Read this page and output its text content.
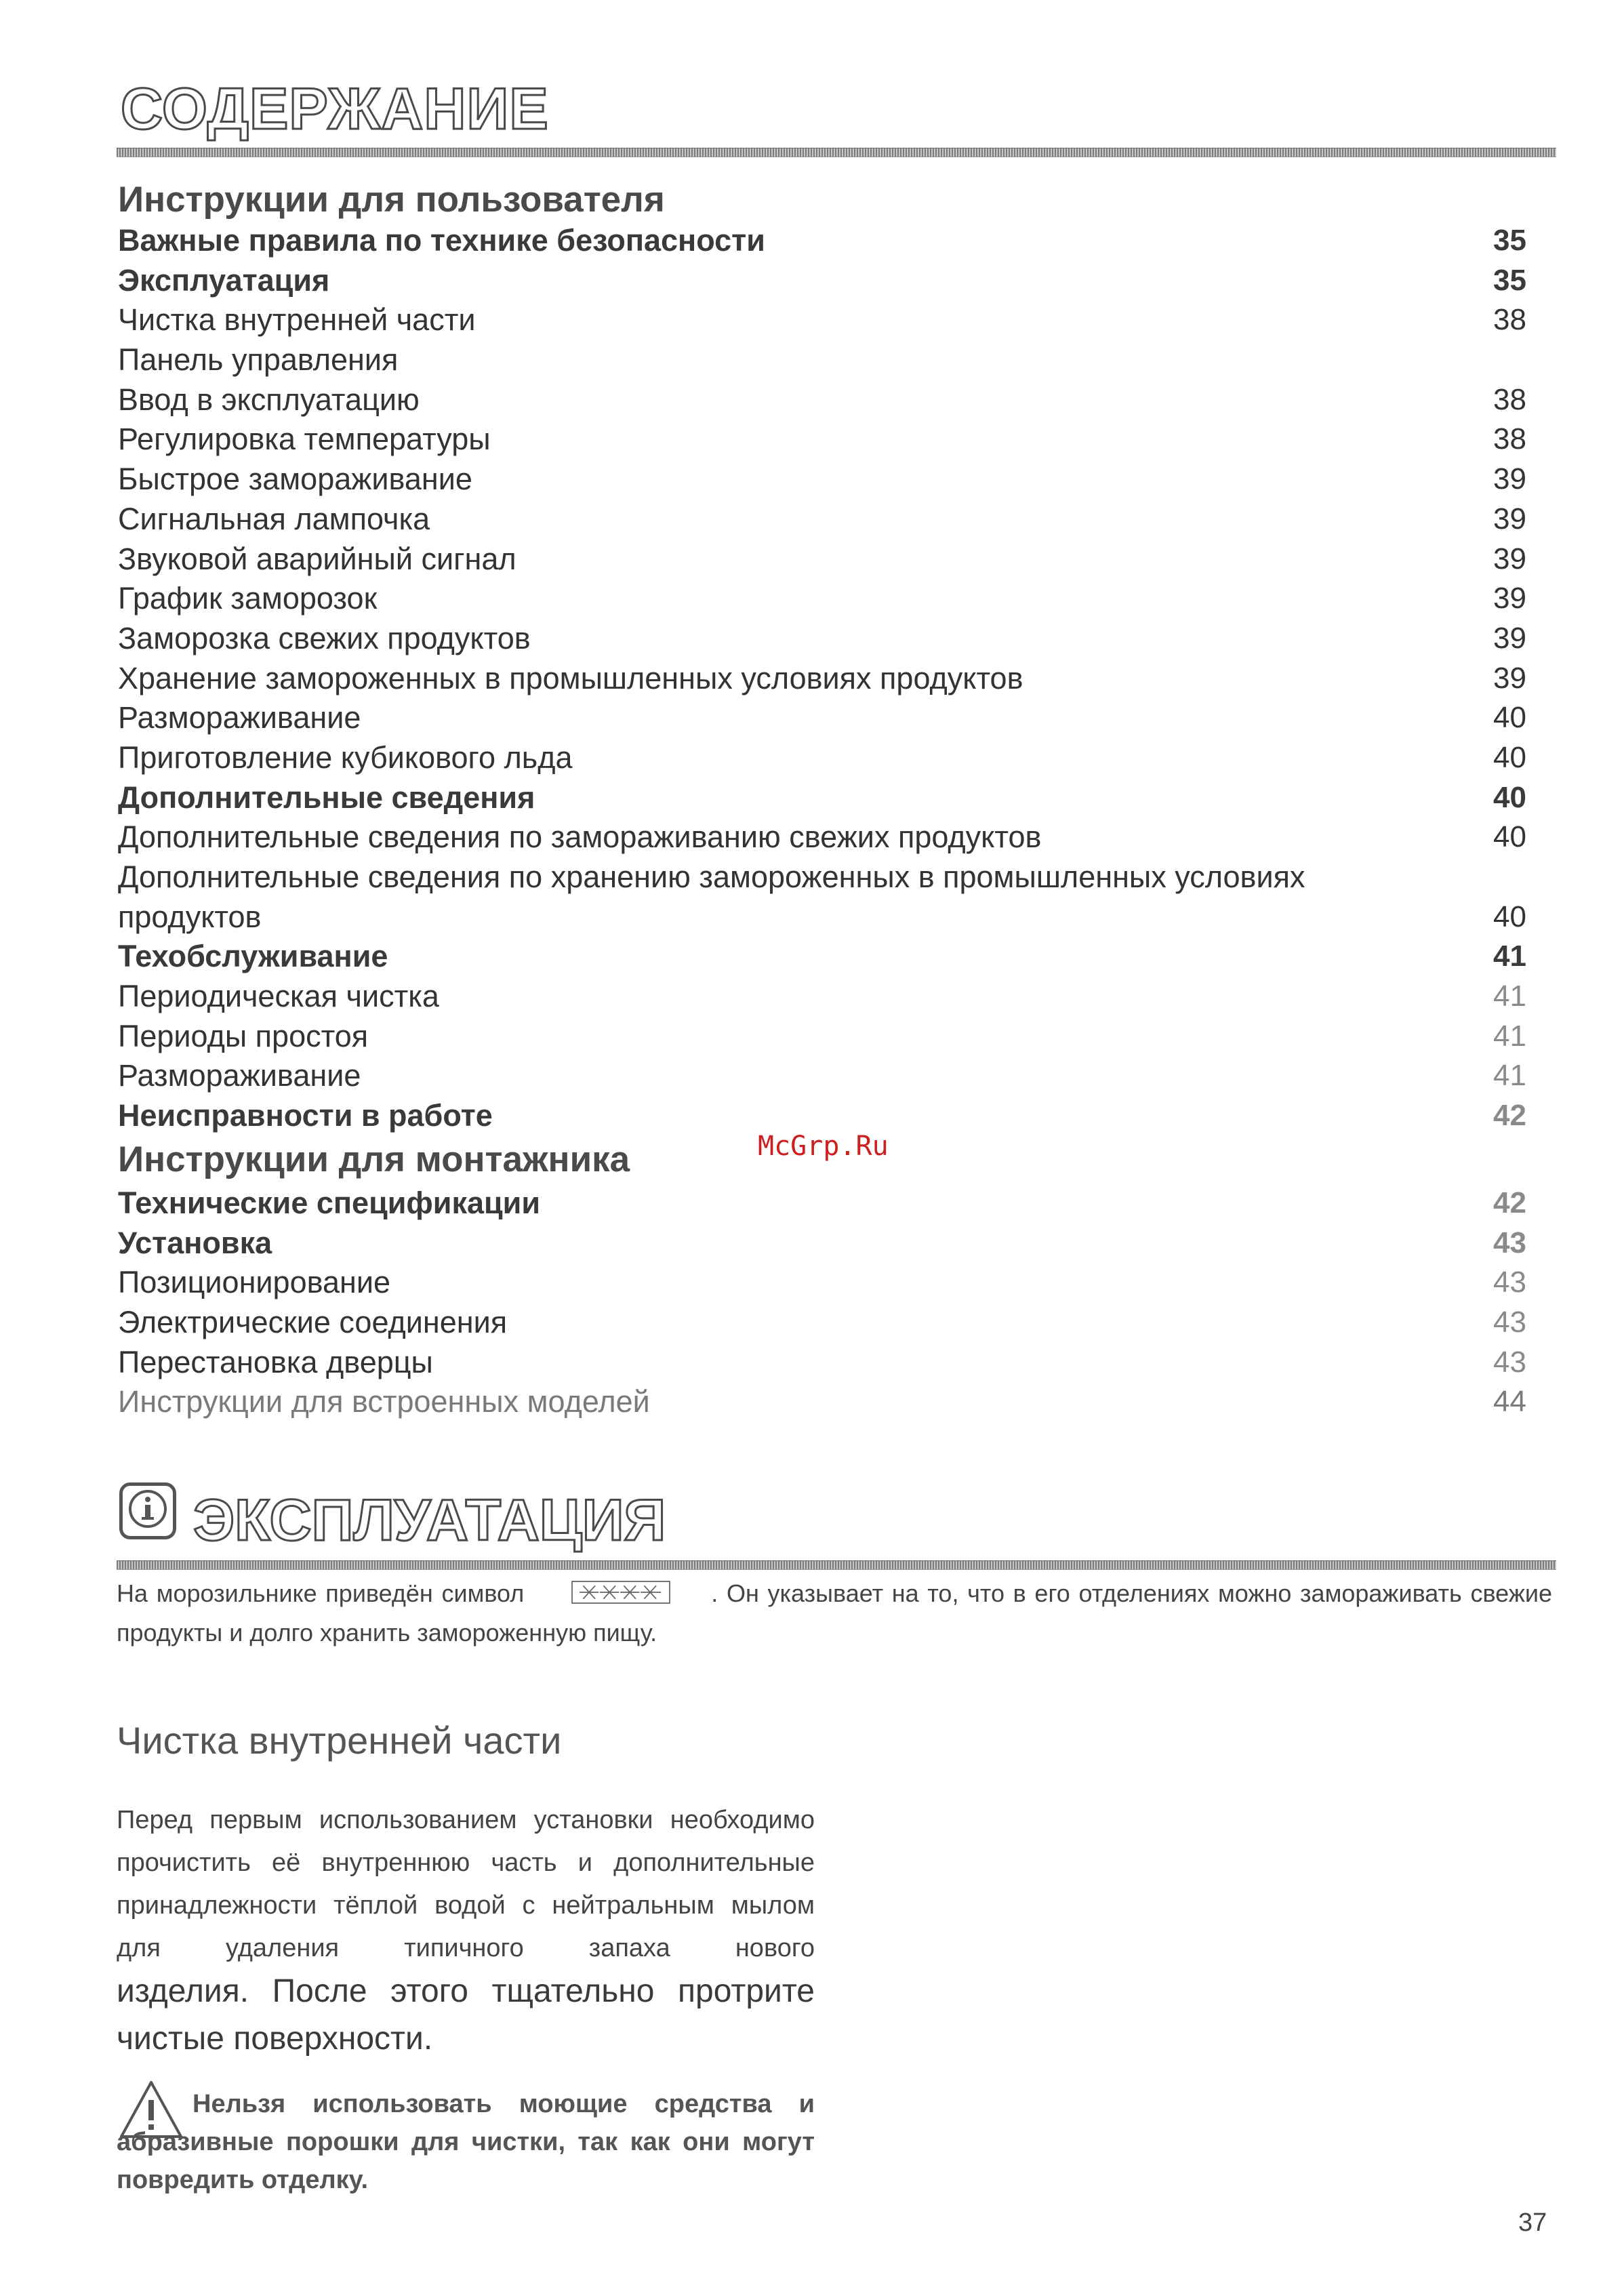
СОДЕРЖАНИЕ
Инструкции для пользователя
Важные правила по технике безопасности	35
Эксплуатация	35
Чистка внутренней части	38
Панель управления
Ввод в эксплуатацию	38
Регулировка температуры	38
Быстрое замораживание	39
Сигнальная лампочка	39
Звуковой аварийный сигнал	39
График заморозок	39
Заморозка свежих продуктов	39
Хранение замороженных в промышленных условиях продуктов	39
Размораживание	40
Приготовление кубикового льда	40
Дополнительные сведения	40
Дополнительные сведения по замораживанию свежих продуктов	40
Дополнительные сведения по хранению замороженных в промышленных условиях
продуктов	40
Техобслуживание	41
Периодическая чистка	41
Периоды простоя	41
Размораживание	41
Неисправности в работе	42
Инструкции для монтажника
Технические спецификации	42
Установка	43
Позиционирование	43
Электрические соединения	43
Перестановка дверцы	43
Инструкции для встроенных моделей	44
McGrp.Ru
ЭКСПЛУАТАЦИЯ

На морозильнике приведён символ	. Он указывает на то, что в его отделениях можно замораживать свежие продукты и долго хранить замороженную пищу.

Чистка внутренней части

Перед первым использованием установки необходимо прочистить её внутреннюю часть и дополнительные принадлежности тёплой водой с нейтральным мылом для удаления типичного запаха нового

изделия. После этого тщательно протрите чистые поверхности.

Нельзя использовать моющие средства и абразивные порошки для чистки, так как они могут повредить отделку.

37
